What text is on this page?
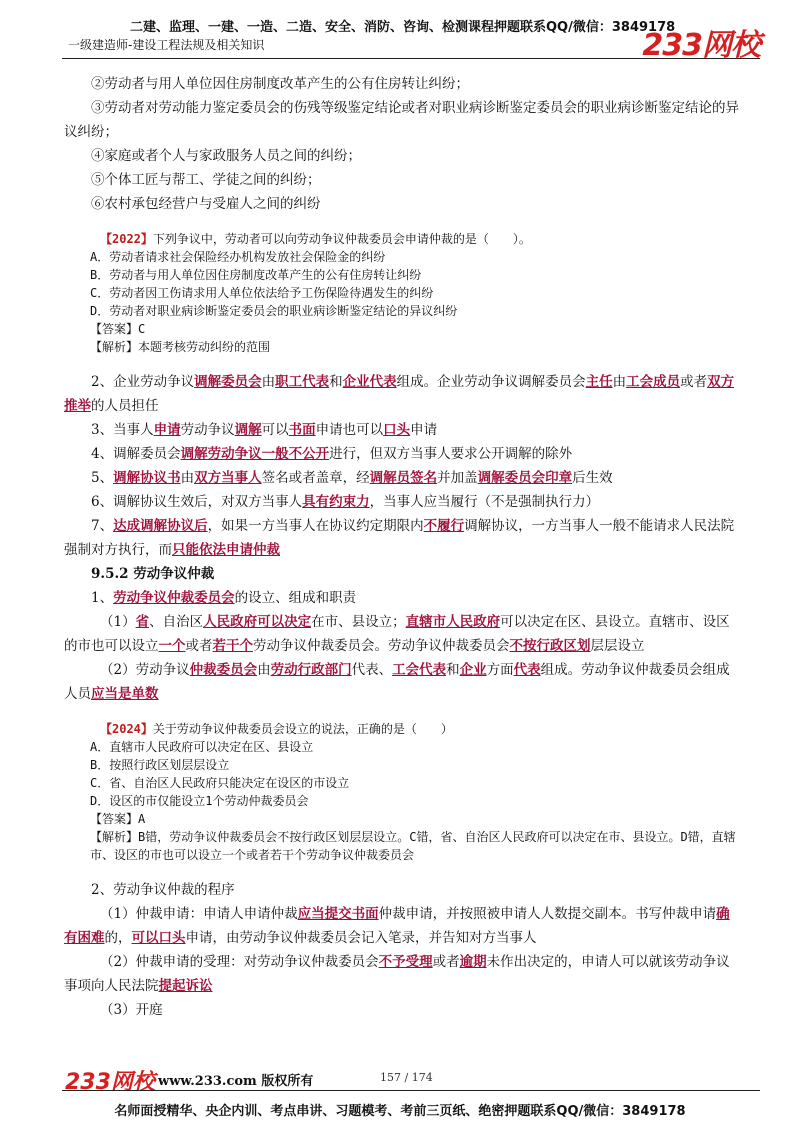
二建、监理、一建、一造、二造、安全、消防、咨询、检测课程押题联系QQ/微信：3849178
一级建造师-建设工程法规及相关知识	233网校

②劳动者与用人单位因住房制度改革产生的公有住房转让纠纷；

③劳动者对劳动能力鉴定委员会的伤残等级鉴定结论或者对职业病诊断鉴定委员会的职业病诊断鉴定结论的异议纠纷；

④家庭或者个人与家政服务人员之间的纠纷；

⑤个体工匠与帮工、学徒之间的纠纷；

⑥农村承包经营户与受雇人之间的纠纷

【2022】下列争议中，劳动者可以向劳动争议仲裁委员会申请仲裁的是（　　）。

A．劳动者请求社会保险经办机构发放社会保险金的纠纷

B．劳动者与用人单位因住房制度改革产生的公有住房转让纠纷

C．劳动者因工伤请求用人单位依法给予工伤保险待遇发生的纠纷

D．劳动者对职业病诊断鉴定委员会的职业病诊断鉴定结论的异议纠纷

【答案】C

【解析】本题考核劳动纠纷的范围

2、企业劳动争议调解委员会由职工代表和企业代表组成。企业劳动争议调解委员会主任由工会成员或者双方推举的人员担任

3、当事人申请劳动争议调解可以书面申请也可以口头申请

4、调解委员会调解劳动争议一般不公开进行，但双方当事人要求公开调解的除外

5、调解协议书由双方当事人签名或者盖章，经调解员签名并加盖调解委员会印章后生效

6、调解协议生效后，对双方当事人具有约束力，当事人应当履行（不是强制执行力）

7、达成调解协议后，如果一方当事人在协议约定期限内不履行调解协议，一方当事人一般不能请求人民法院强制对方执行，而只能依法申请仲裁

9.5.2 劳动争议仲裁

1、劳动争议仲裁委员会的设立、组成和职责

（1）省、自治区人民政府可以决定在市、县设立；直辖市人民政府可以决定在区、县设立。直辖市、设区的市也可以设立一个或者若干个劳动争议仲裁委员会。劳动争议仲裁委员会不按行政区划层层设立

（2）劳动争议仲裁委员会由劳动行政部门代表、工会代表和企业方面代表组成。劳动争议仲裁委员会组成人员应当是单数

【2024】关于劳动争议仲裁委员会设立的说法，正确的是（　　）

A．直辖市人民政府可以决定在区、县设立

B．按照行政区划层层设立

C．省、自治区人民政府只能决定在设区的市设立

D．设区的市仅能设立1个劳动仲裁委员会

【答案】A

【解析】B错，劳动争议仲裁委员会不按行政区划层层设立。C错，省、自治区人民政府可以决定在市、县设立。D错，直辖市、设区的市也可以设立一个或者若干个劳动争议仲裁委员会

2、劳动争议仲裁的程序

（1）仲裁申请：申请人申请仲裁应当提交书面仲裁申请，并按照被申请人人数提交副本。书写仲裁申请确有困难的，可以口头申请，由劳动争议仲裁委员会记入笔录，并告知对方当事人

（2）仲裁申请的受理：对劳动争议仲裁委员会不予受理或者逾期未作出决定的，申请人可以就该劳动争议事项向人民法院提起诉讼

（3）开庭

233网校 www.233.com 版权所有	157 / 174
名师面授精华、央企内训、考点串讲、习题模考、考前三页纸、绝密押题联系QQ/微信：3849178
